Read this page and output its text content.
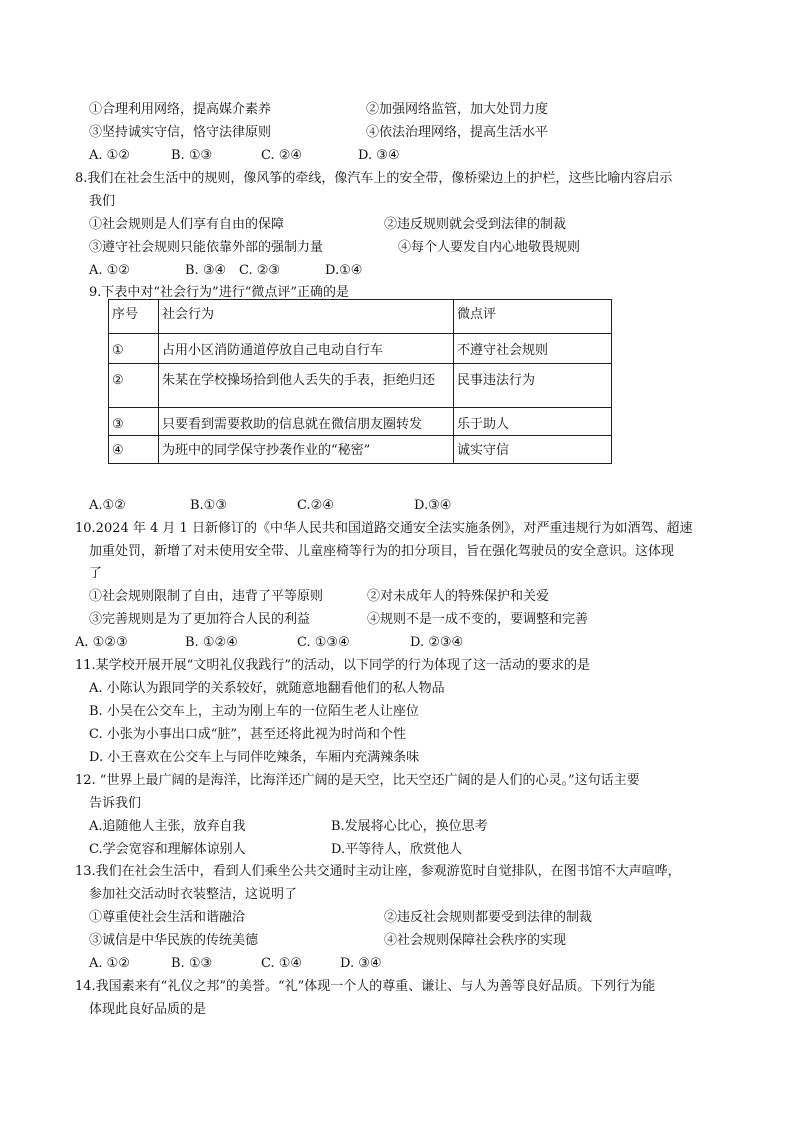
①合理利用网络，提高媒介素养	②加强网络监管，加大处罚力度
③坚持诚实守信，恪守法律原则	④依法治理网络，提高生活水平
A. ①②	B. ①③	C. ②④	D. ③④
8.我们在社会生活中的规则，像风筝的牵线，像汽车上的安全带，像桥梁边上的护栏，这些比喻内容启示
我们
①社会规则是人们享有自由的保障	②违反规则就会受到法律的制裁
③遵守社会规则只能依靠外部的强制力量	④每个人要发自内心地敬畏规则
A. ①②	B. ③④ C. ②③	D.①④
9.下表中对“社会行为”进行“微点评”正确的是
序号	社会行为	微点评
①	占用小区消防通道停放自己电动自行车	不遵守社会规则
②	朱某在学校操场拾到他人丢失的手表，拒绝归还	民事违法行为
③	只要看到需要救助的信息就在微信朋友圈转发	乐于助人
④	为班中的同学保守抄袭作业的“秘密”	诚实守信
A.①②	B.①③	C.②④	D.③④
10.2024 年 4 月 1 日新修订的《中华人民共和国道路交通安全法实施条例》，对严重违规行为如酒驾、超速
加重处罚，新增了对未使用安全带、儿童座椅等行为的扣分项目，旨在强化驾驶员的安全意识。这体现
了
①社会规则限制了自由，违背了平等原则	②对未成年人的特殊保护和关爱
③完善规则是为了更加符合人民的利益	④规则不是一成不变的，要调整和完善
A. ①②③	B. ①②④	C. ①③④	D. ②③④
11.某学校开展开展“文明礼仪我践行”的活动，以下同学的行为体现了这一活动的要求的是
A. 小陈认为跟同学的关系较好，就随意地翻看他们的私人物品
B. 小吴在公交车上，主动为刚上车的一位陌生老人让座位
C. 小张为小事出口成“脏”，甚至还将此视为时尚和个性
D. 小王喜欢在公交车上与同伴吃辣条，车厢内充满辣条味
12. “世界上最广阔的是海洋，比海洋还广阔的是天空，比天空还广阔的是人们的心灵。”这句话主要
告诉我们
A.追随他人主张，放弃自我	B.发展将心比心，换位思考
C.学会宽容和理解体谅别人	D.平等待人，欣赏他人
13.我们在社会生活中，看到人们乘坐公共交通时主动让座，参观游览时自觉排队，在图书馆不大声喧哗，
参加社交活动时衣装整洁，这说明了
①尊重使社会生活和谐融洽	②违反社会规则都要受到法律的制裁
③诚信是中华民族的传统美德	④社会规则保障社会秩序的实现
A. ①②	B. ①③	C. ①④	D. ③④
14.我国素来有“礼仪之邦”的美誉。“礼”体现一个人的尊重、谦让、与人为善等良好品质。下列行为能
体现此良好品质的是
